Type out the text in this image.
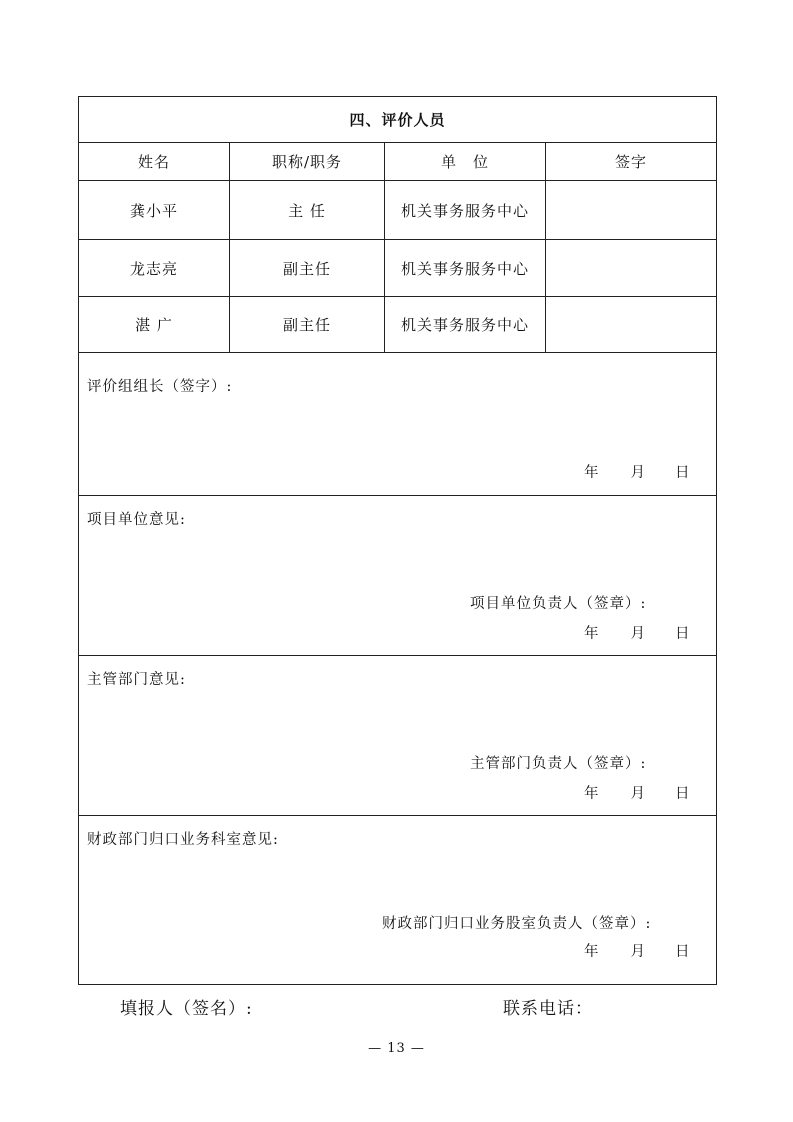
四、评价人员
姓名	职称/职务	单　位	签字
龚小平	主 任	机关事务服务中心
龙志亮	副主任	机关事务服务中心
湛 广	副主任	机关事务服务中心
评价组组长（签字）:
年 月 日
项目单位意见:
项目单位负责人（签章）:
年 月 日
主管部门意见:
主管部门负责人（签章）:
年 月 日
财政部门归口业务科室意见:
财政部门归口业务股室负责人（签章）:
年 月 日
填报人（签名）:	联系电话：
— 13 —
